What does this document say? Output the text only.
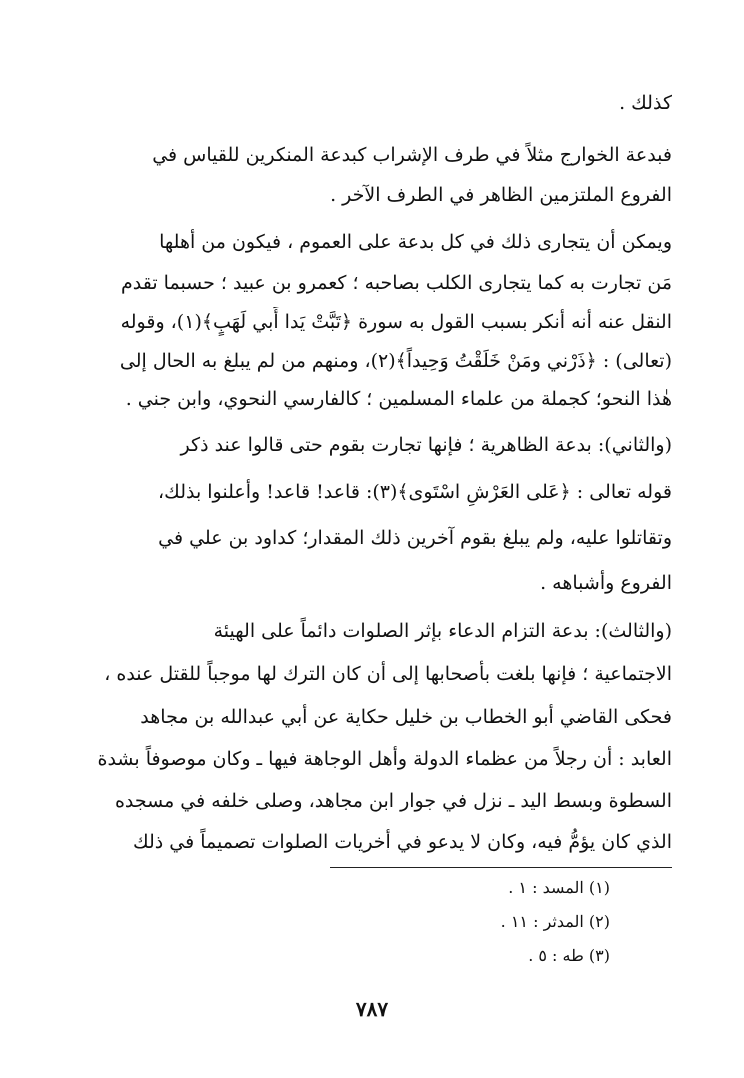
كذلك .
فبدعة الخوارج مثلاً في طرف الإشراب كبدعة المنكرين للقياس في
الفروع الملتزمين الظاهر في الطرف الآخر .
ويمكن أن يتجارى ذلك في كل بدعة على العموم ، فيكون من أهلها
مَن تجارت به كما يتجارى الكلب بصاحبه ؛ كعمرو بن عبيد ؛ حسبما تقدم
النقل عنه أنه أنكر بسبب القول به سورة ﴿تَبَّتْ يَدا أَبي لَهَبٍ﴾(١)، وقوله
(تعالى) : ﴿ذَرْني ومَنْ خَلَقْتُ وَحِيداً﴾(٢)، ومنهم من لم يبلغ به الحال إلى
هٰذا النحو؛ كجملة من علماء المسلمين ؛ كالفارسي النحوي، وابن جني .
(والثاني): بدعة الظاهرية ؛ فإنها تجارت بقوم حتى قالوا عند ذكر
قوله تعالى : ﴿عَلى العَرْشِ اسْتَوى﴾(٣): قاعد! قاعد! وأعلنوا بذلك،
وتقاتلوا عليه، ولم يبلغ بقوم آخرين ذلك المقدار؛ كداود بن علي في
الفروع وأشباهه .
(والثالث): بدعة التزام الدعاء بإثر الصلوات دائماً على الهيئة
الاجتماعية ؛ فإنها بلغت بأصحابها إلى أن كان الترك لها موجباً للقتل عنده ،
فحكى القاضي أبو الخطاب بن خليل حكاية عن أبي عبدالله بن مجاهد
العابد : أن رجلاً من عظماء الدولة وأهل الوجاهة فيها ـ وكان موصوفاً بشدة
السطوة وبسط اليد ـ نزل في جوار ابن مجاهد، وصلى خلفه في مسجده
الذي كان يؤمُّ فيه، وكان لا يدعو في أخريات الصلوات تصميماً في ذلك
(١) المسد : ١ .
(٢) المدثر : ١١ .
(٣) طه : ٥ .
٧٨٧
